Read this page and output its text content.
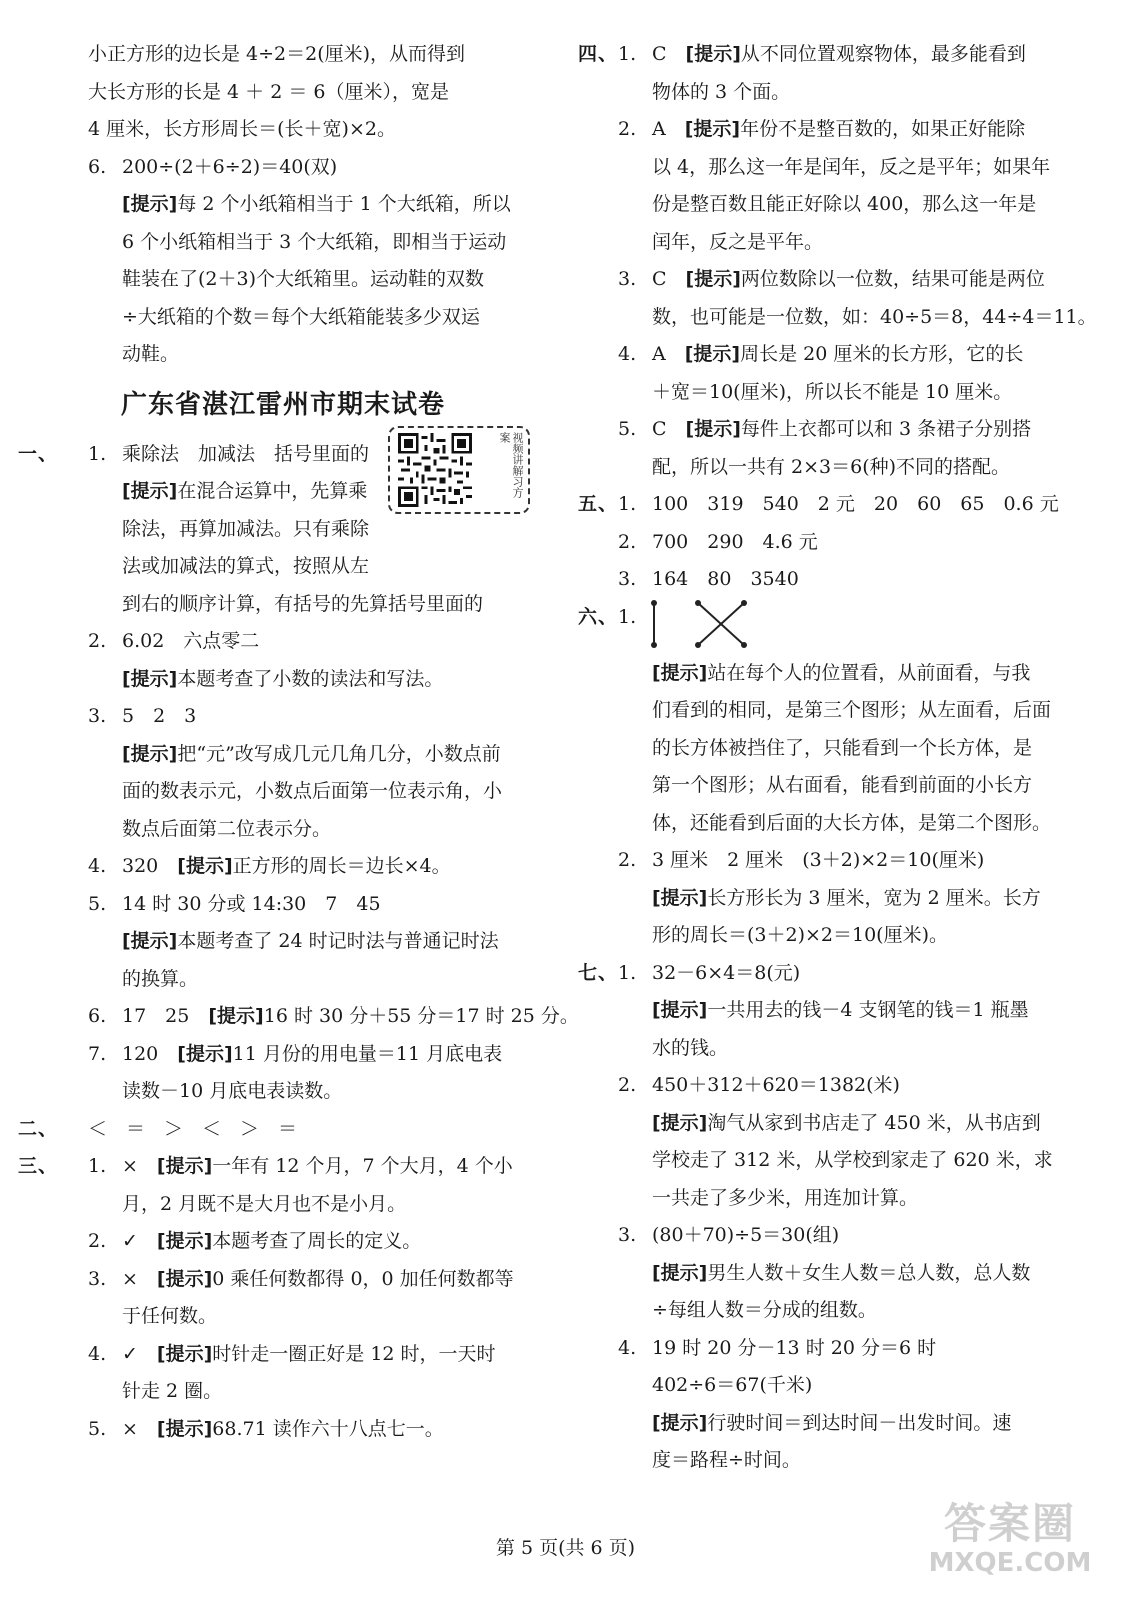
小正方形的边长是 4÷2＝2(厘米)，从而得到
大长方形的长是 4 ＋ 2 ＝ 6（厘米），宽是
4 厘米，长方形周长＝(长＋宽)×2。
6. 200÷(2＋6÷2)＝40(双)
[提示]每 2 个小纸箱相当于 1 个大纸箱，所以
6 个小纸箱相当于 3 个大纸箱，即相当于运动
鞋装在了(2＋3)个大纸箱里。运动鞋的双数
÷大纸箱的个数＝每个大纸箱能装多少双运
动鞋。
广东省湛江雷州市期末试卷
一、 1. 乘除法　加减法　括号里面的
[提示]在混合运算中，先算乘
除法，再算加减法。只有乘除
法或加减法的算式，按照从左
到右的顺序计算，有括号的先算括号里面的
2. 6.02　六点零二
[提示]本题考查了小数的读法和写法。
3. 5　2　3
[提示]把“元”改写成几元几角几分，小数点前
面的数表示元，小数点后面第一位表示角，小
数点后面第二位表示分。
4. 320　[提示]正方形的周长＝边长×4。
5. 14 时 30 分或 14:30　7　45
[提示]本题考查了 24 时记时法与普通记时法
的换算。
6. 17　25　[提示]16 时 30 分＋55 分＝17 时 25 分。
7. 120　[提示]11 月份的用电量＝11 月底电表
读数－10 月底电表读数。
二、 ＜　＝　＞　＜　＞　＝
三、 1. ×　[提示]一年有 12 个月，7 个大月，4 个小
月，2 月既不是大月也不是小月。
2. ✓　[提示]本题考查了周长的定义。
3. ×　[提示]0 乘任何数都得 0，0 加任何数都等
于任何数。
4. ✓　[提示]时针走一圈正好是 12 时，一天时
针走 2 圈。
5. ×　[提示]68.71 读作六十八点七一。
视频讲解习方案
四、 1. C　[提示]从不同位置观察物体，最多能看到
物体的 3 个面。
2. A　[提示]年份不是整百数的，如果正好能除
以 4，那么这一年是闰年，反之是平年；如果年
份是整百数且能正好除以 400，那么这一年是
闰年，反之是平年。
3. C　[提示]两位数除以一位数，结果可能是两位
数，也可能是一位数，如：40÷5＝8，44÷4＝11。
4. A　[提示]周长是 20 厘米的长方形，它的长
＋宽＝10(厘米)，所以长不能是 10 厘米。
5. C　[提示]每件上衣都可以和 3 条裙子分别搭
配，所以一共有 2×3＝6(种)不同的搭配。
五、 1. 100　319　540　2 元　20　60　65　0.6 元
2. 700　290　4.6 元
3. 164　80　3540
六、 1.
[提示]站在每个人的位置看，从前面看，与我
们看到的相同，是第三个图形；从左面看，后面
的长方体被挡住了，只能看到一个长方体，是
第一个图形；从右面看，能看到前面的小长方
体，还能看到后面的大长方体，是第二个图形。
2. 3 厘米　2 厘米　(3＋2)×2＝10(厘米)
[提示]长方形长为 3 厘米，宽为 2 厘米。长方
形的周长＝(3＋2)×2＝10(厘米)。
七、 1. 32－6×4＝8(元)
[提示]一共用去的钱－4 支钢笔的钱＝1 瓶墨
水的钱。
2. 450＋312＋620＝1382(米)
[提示]淘气从家到书店走了 450 米，从书店到
学校走了 312 米，从学校到家走了 620 米，求
一共走了多少米，用连加计算。
3. (80＋70)÷5＝30(组)
[提示]男生人数＋女生人数＝总人数，总人数
÷每组人数＝分成的组数。
4. 19 时 20 分－13 时 20 分＝6 时
402÷6＝67(千米)
[提示]行驶时间＝到达时间－出发时间。速
度＝路程÷时间。
第 5 页(共 6 页)	答案圈
MXQE.COM
